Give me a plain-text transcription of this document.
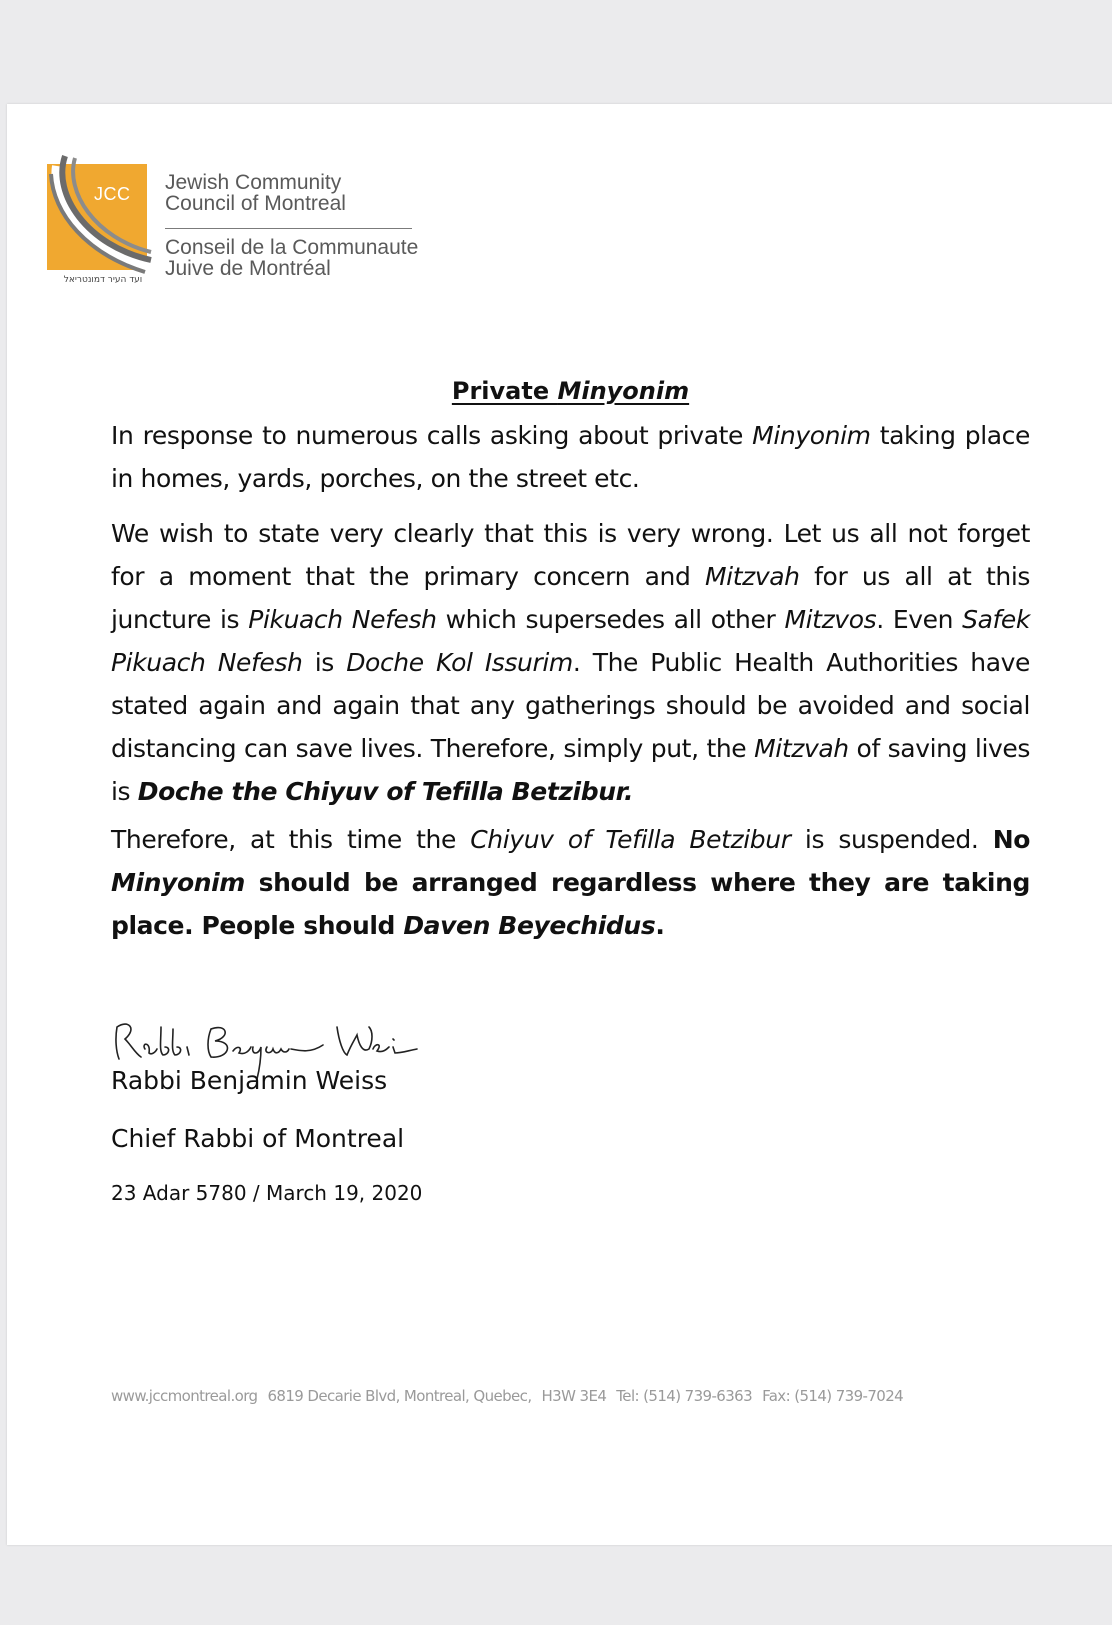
JCC
ועד העיר דמונטריאל
Jewish Community
Council of Montreal
Conseil de la Communaute
Juive de Montréal
Private Minyonim
In response to numerous calls asking about private Minyonim taking place in homes, yards, porches, on the street etc.
We wish to state very clearly that this is very wrong. Let us all not forget for a moment that the primary concern and Mitzvah for us all at this juncture is Pikuach Nefesh which supersedes all other Mitzvos. Even Safek Pikuach Nefesh is Doche Kol Issurim. The Public Health Authorities have stated again and again that any gatherings should be avoided and social distancing can save lives. Therefore, simply put, the Mitzvah of saving lives is Doche the Chiyuv of Tefilla Betzibur.
Therefore, at this time the Chiyuv of Tefilla Betzibur is suspended. No Minyonim should be arranged regardless where they are taking place. People should Daven Beyechidus.
Rabbi Benjamin Weiss
Chief Rabbi of Montreal
23 Adar 5780 / March 19, 2020
www.jccmontreal.org 6819 Decarie Blvd, Montreal, Quebec, H3W 3E4 Tel: (514) 739-6363 Fax: (514) 739-7024
